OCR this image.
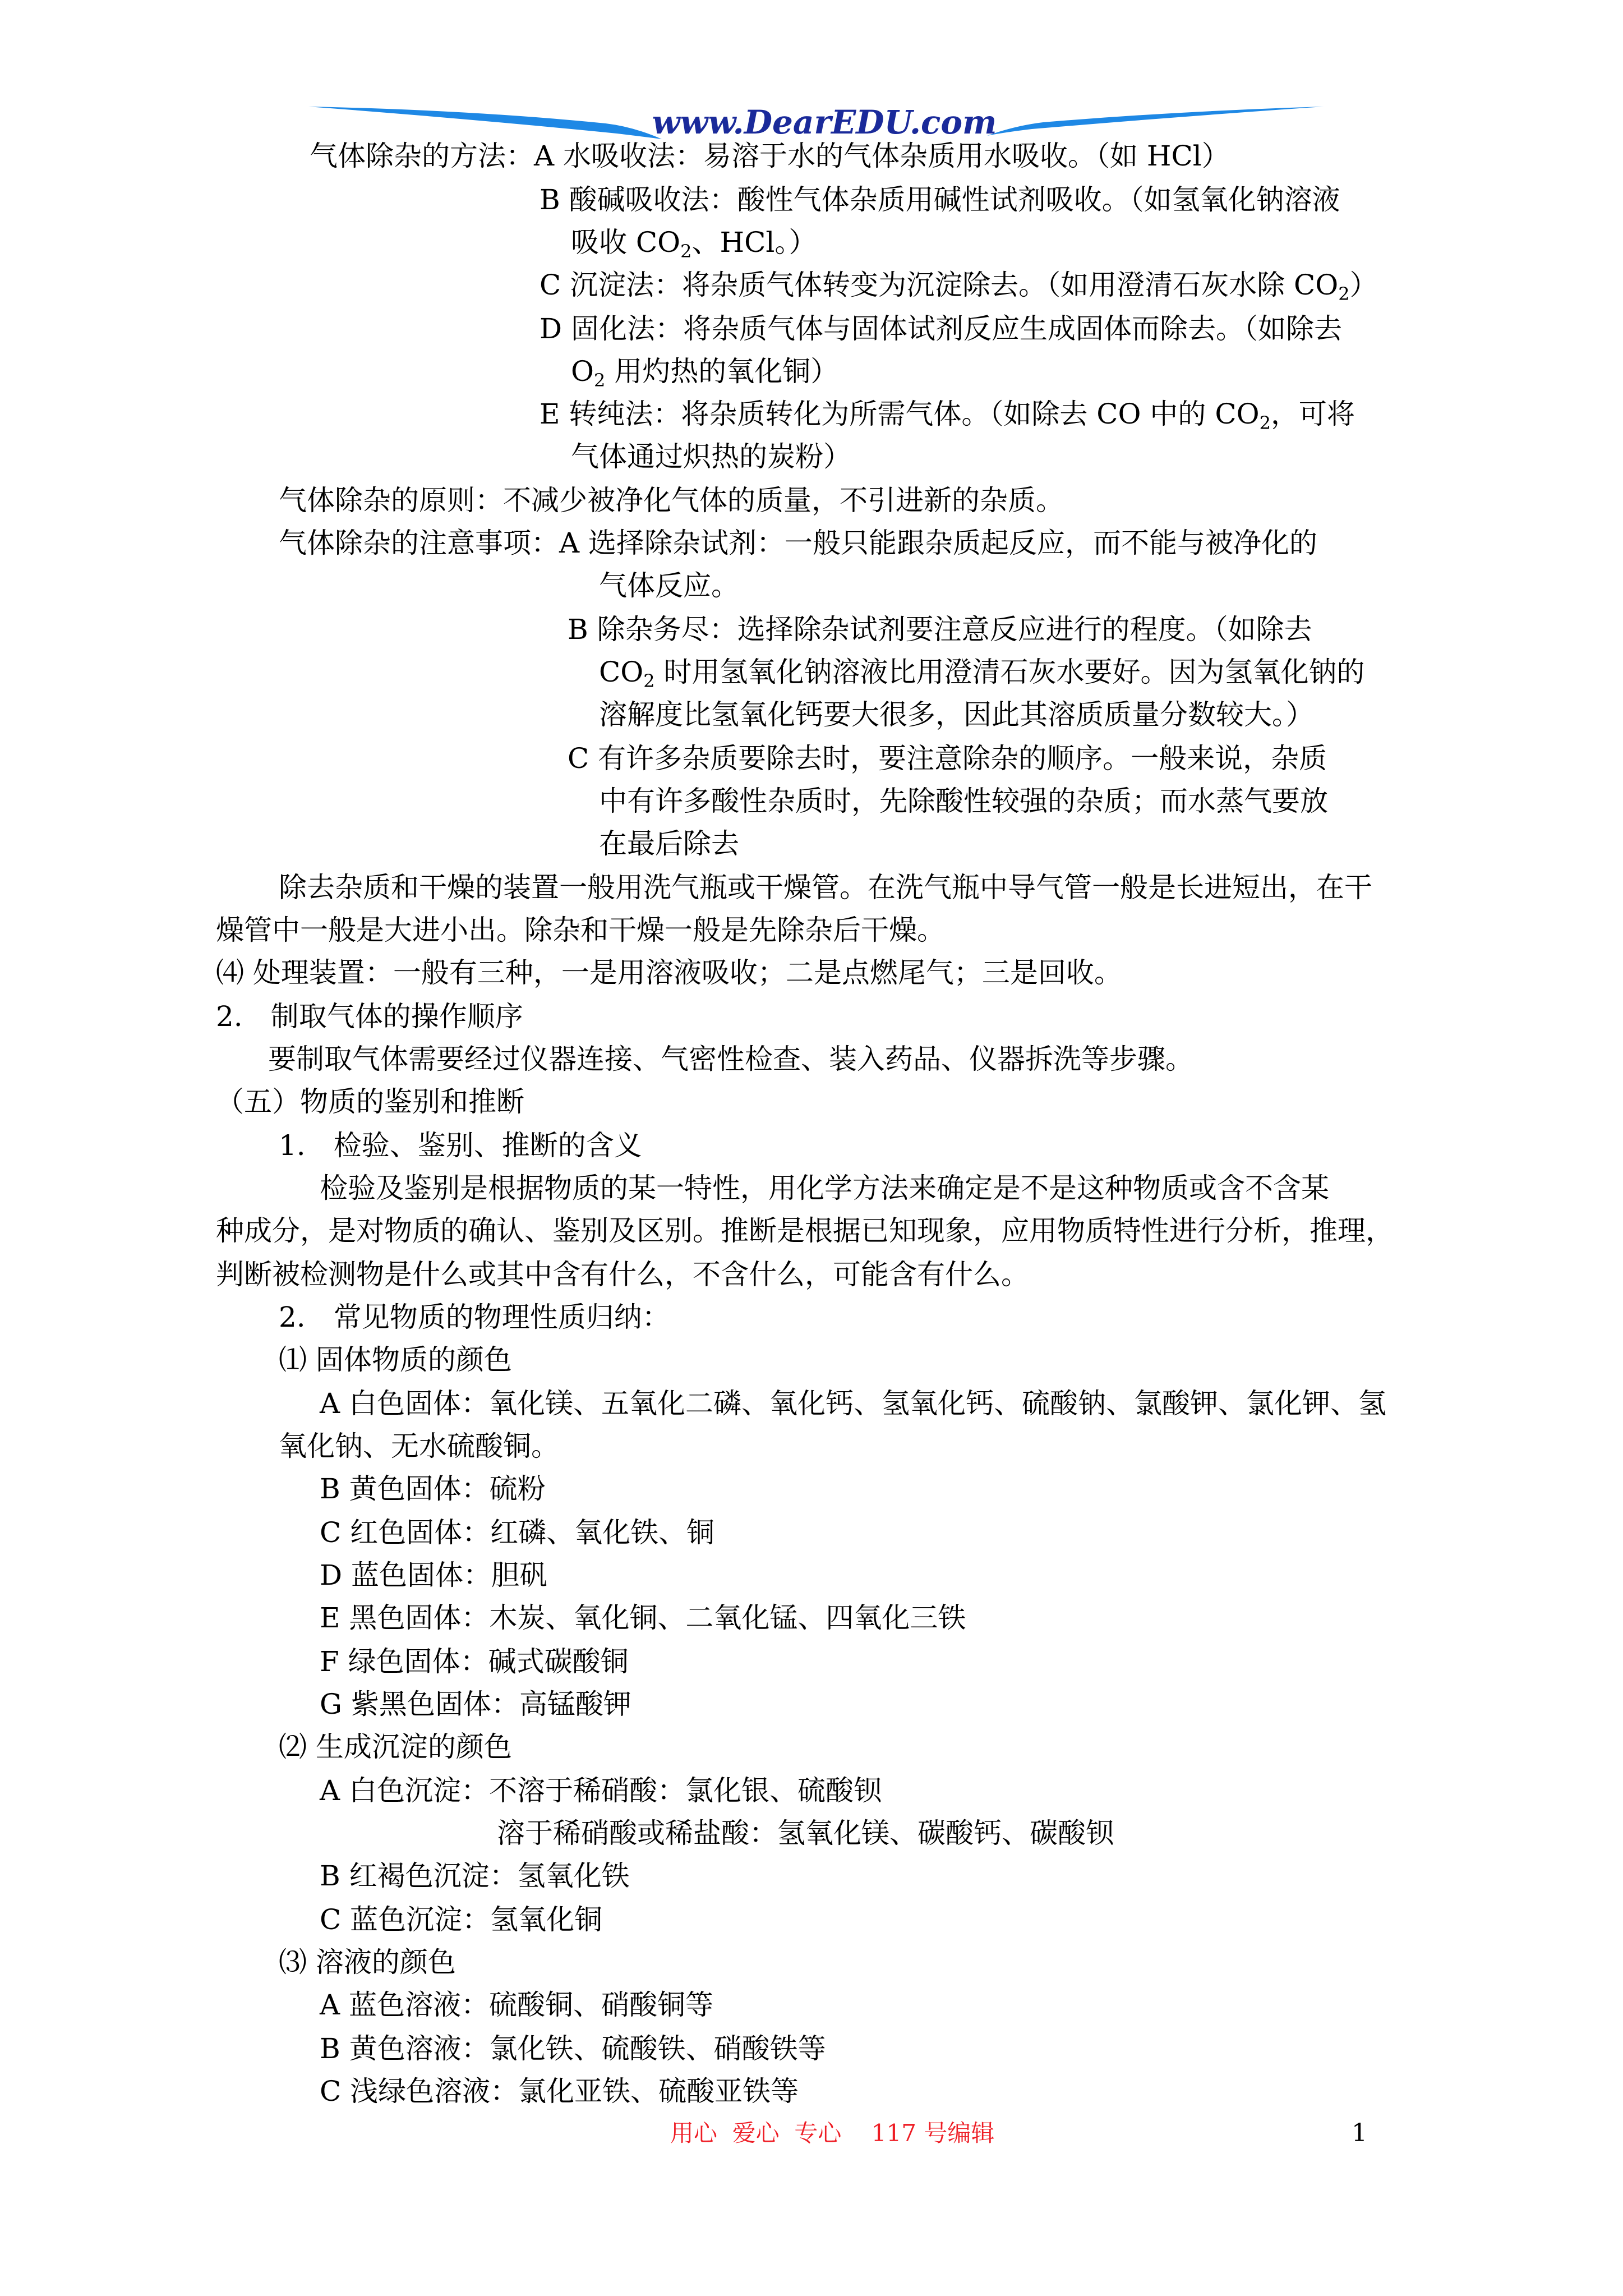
www.DearEDU.com
气体除杂的方法：A 水吸收法：易溶于水的气体杂质用水吸收。（如 HCl）
B 酸碱吸收法：酸性气体杂质用碱性试剂吸收。（如氢氧化钠溶液
吸收 $CO_2$、HCl。）
C 沉淀法：将杂质气体转变为沉淀除去。（如用澄清石灰水除 $CO_2$）
D 固化法：将杂质气体与固体试剂反应生成固体而除去。（如除去
$O_2$ 用灼热的氧化铜）
E 转纯法：将杂质转化为所需气体。（如除去 CO 中的 $CO_2$，可将
气体通过炽热的炭粉）
气体除杂的原则：不减少被净化气体的质量，不引进新的杂质。
气体除杂的注意事项：A 选择除杂试剂：一般只能跟杂质起反应，而不能与被净化的
气体反应。
B 除杂务尽：选择除杂试剂要注意反应进行的程度。（如除去
$CO_2$ 时用氢氧化钠溶液比用澄清石灰水要好。因为氢氧化钠的
溶解度比氢氧化钙要大很多，因此其溶质质量分数较大。）
C 有许多杂质要除去时，要注意除杂的顺序。一般来说，杂质
中有许多酸性杂质时，先除酸性较强的杂质；而水蒸气要放
在最后除去
除去杂质和干燥的装置一般用洗气瓶或干燥管。在洗气瓶中导气管一般是长进短出，在干
燥管中一般是大进小出。除杂和干燥一般是先除杂后干燥。
⑷ 处理装置：一般有三种，一是用溶液吸收；二是点燃尾气；三是回收。
2.　制取气体的操作顺序
要制取气体需要经过仪器连接、气密性检查、装入药品、仪器拆洗等步骤。
（五）物质的鉴别和推断
1.　检验、鉴别、推断的含义
检验及鉴别是根据物质的某一特性，用化学方法来确定是不是这种物质或含不含某
种成分，是对物质的确认、鉴别及区别。推断是根据已知现象，应用物质特性进行分析，推理，
判断被检测物是什么或其中含有什么，不含什么，可能含有什么。
2.　常见物质的物理性质归纳：
⑴ 固体物质的颜色
A 白色固体：氧化镁、五氧化二磷、氧化钙、氢氧化钙、硫酸钠、氯酸钾、氯化钾、氢
氧化钠、无水硫酸铜。
B 黄色固体：硫粉
C 红色固体：红磷、氧化铁、铜
D 蓝色固体：胆矾
E 黑色固体：木炭、氧化铜、二氧化锰、四氧化三铁
F 绿色固体：碱式碳酸铜
G 紫黑色固体：高锰酸钾
⑵ 生成沉淀的颜色
A 白色沉淀：不溶于稀硝酸：氯化银、硫酸钡
溶于稀硝酸或稀盐酸：氢氧化镁、碳酸钙、碳酸钡
B 红褐色沉淀：氢氧化铁
C 蓝色沉淀：氢氧化铜
⑶ 溶液的颜色
A 蓝色溶液：硫酸铜、硝酸铜等
B 黄色溶液：氯化铁、硫酸铁、硝酸铁等
C 浅绿色溶液：氯化亚铁、硫酸亚铁等
用心  爱心  专心    117 号编辑	1
